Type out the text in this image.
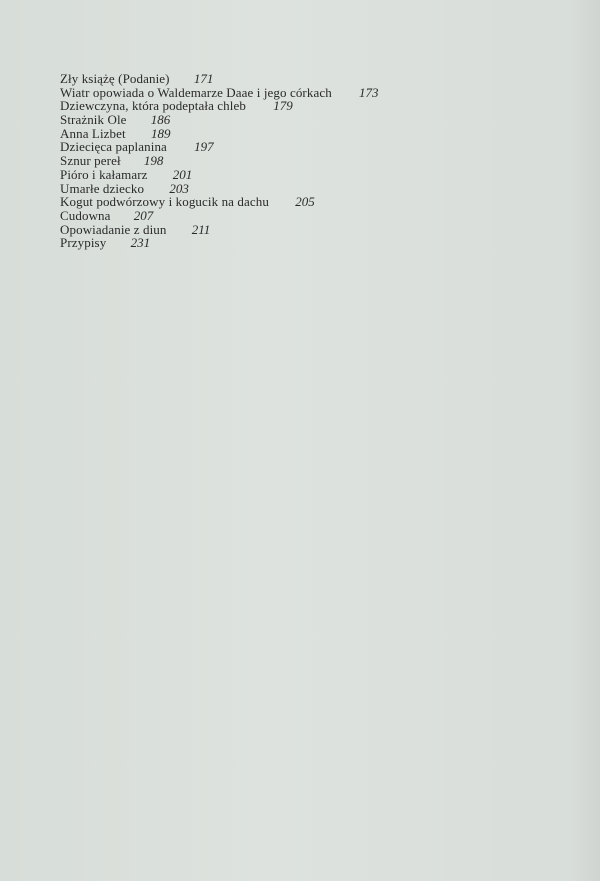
Zły książę (Podanie) 171
Wiatr opowiada o Waldemarze Daae i jego córkach 173
Dziewczyna, która podeptała chleb 179
Strażnik Ole 186
Anna Lizbet 189
Dziecięca paplanina 197
Sznur pereł 198
Pióro i kałamarz 201
Umarłe dziecko 203
Kogut podwórzowy i kogucik na dachu 205
Cudowna 207
Opowiadanie z diun 211
Przypisy 231
